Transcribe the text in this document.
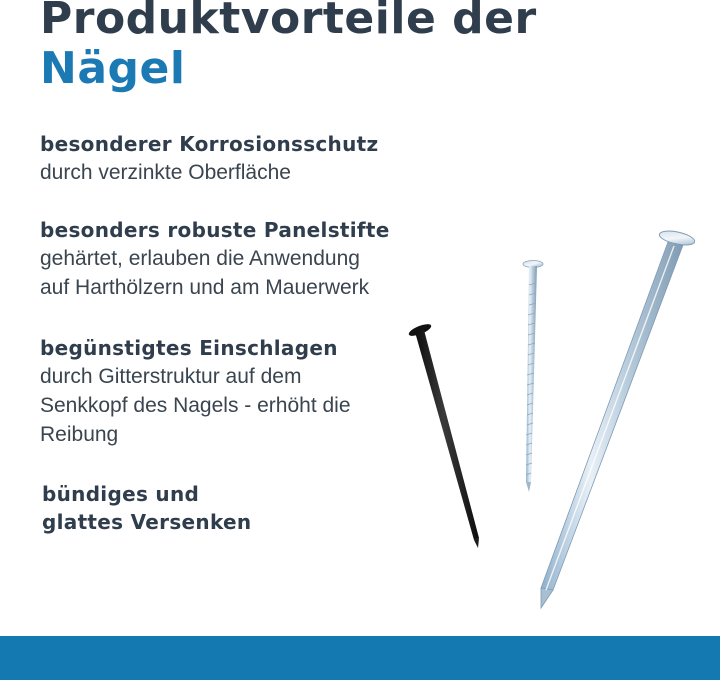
Produktvorteile der
Nägel
besonderer Korrosionsschutz
durch verzinkte Oberfläche
besonders robuste Panelstifte
gehärtet, erlauben die Anwendung
auf Harthölzern und am Mauerwerk
begünstigtes Einschlagen
durch Gitterstruktur auf dem
Senkkopf des Nagels - erhöht die
Reibung
bündiges und
glattes Versenken
